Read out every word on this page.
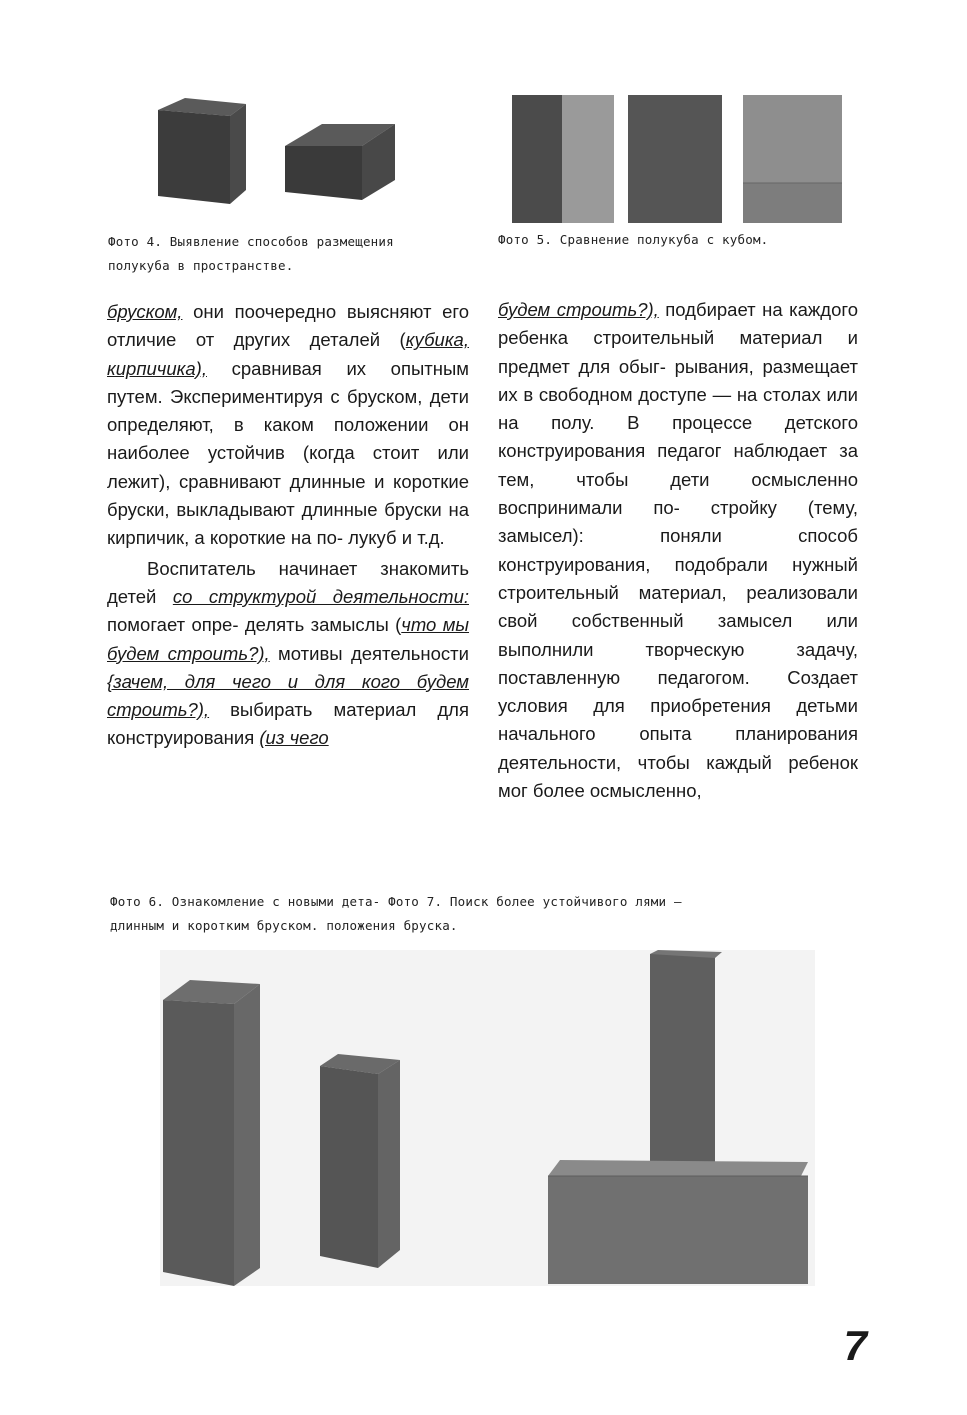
Фото 4. Выявление способов размещения полукуба в пространстве.
Фото 5. Сравнение полукуба с кубом.

бруском, они поочередно выясняют его отличие от других деталей (кубика, кирпичика), сравнивая их опытным путем. Экспериментируя с бруском, дети определяют, в каком положении он наиболее устойчив (когда стоит или лежит), сравнивают длинные и короткие бруски, выкладывают длинные бруски на кирпичик, а короткие на по- лукуб и т.д.

Воспитатель начинает знакомить детей со структурой деятельности: помогает опре- делять замыслы (что мы будем строить?), мотивы деятельности {зачем, для чего и для кого будем строить?), выбирать материал для конструирования (из чего

будем строить?), подбирает на каждого ребенка строительный материал и предмет для обыг- рывания, размещает их в свободном доступе — на столах или на полу. В процессе детского конструирования педагог наблюдает за тем, чтобы дети осмысленно воспринимали по- стройку (тему, замысел): поняли способ конструирования, подобрали нужный строительный материал, реализовали свой собственный замысел или выполнили творческую задачу, поставленную педагогом. Создает условия для приобретения детьми начального опыта планирования деятельности, чтобы каждый ребенок мог более осмысленно,

Фото 6. Ознакомление с новыми дета- Фото 7. Поиск более устойчивого лями —
длинным и коротким бруском. положения бруска.
7
